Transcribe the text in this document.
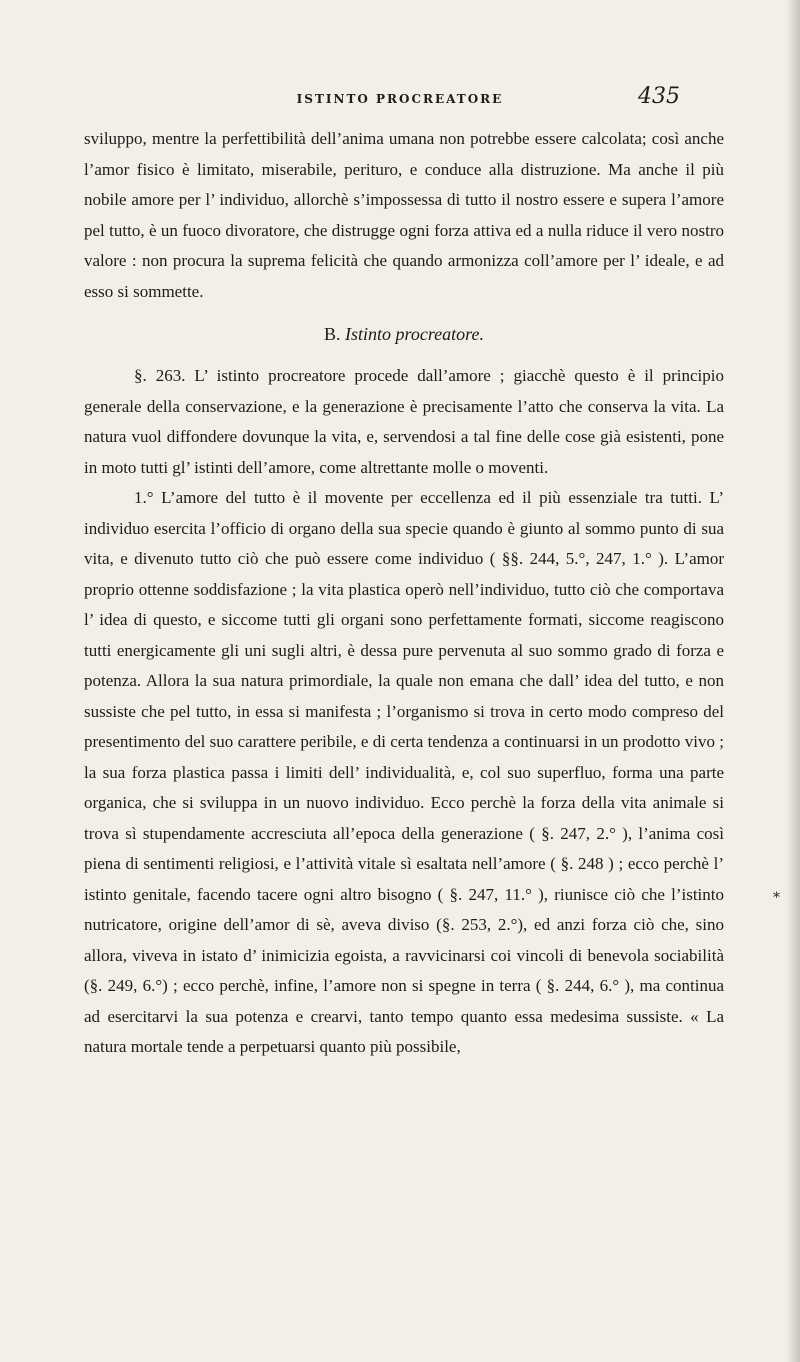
ISTINTO PROCREATORE	435

sviluppo, mentre la perfettibilità dell’anima umana non potrebbe essere calcolata; così anche l’amor fisico è limitato, miserabile, perituro, e conduce alla distruzione. Ma anche il più nobile amore per l’ individuo, allorchè s’impossessa di tutto il nostro essere e supera l’amore pel tutto, è un fuoco divoratore, che distrugge ogni forza attiva ed a nulla riduce il vero nostro valore : non procura la suprema felicità che quando armonizza coll’amore per l’ ideale, e ad esso si sommette.

B. Istinto procreatore.

§. 263. L’ istinto procreatore procede dall’amore ; giacchè questo è il principio generale della conservazione, e la generazione è precisamente l’atto che conserva la vita. La natura vuol diffondere dovunque la vita, e, servendosi a tal fine delle cose già esistenti, pone in moto tutti gl’ istinti dell’amore, come altrettante molle o moventi.

1.° L’amore del tutto è il movente per eccellenza ed il più essenziale tra tutti. L’ individuo esercita l’officio di organo della sua specie quando è giunto al sommo punto di sua vita, e divenuto tutto ciò che può essere come individuo ( §§. 244, 5.°, 247, 1.° ). L’amor proprio ottenne soddisfazione ; la vita plastica operò nell’individuo, tutto ciò che comportava l’ idea di questo, e siccome tutti gli organi sono perfettamente formati, siccome reagiscono tutti energicamente gli uni sugli altri, è dessa pure pervenuta al suo sommo grado di forza e potenza. Allora la sua natura primordiale, la quale non emana che dall’ idea del tutto, e non sussiste che pel tutto, in essa si manifesta ; l’organismo si trova in certo modo compreso del presentimento del suo carattere peribile, e di certa tendenza a continuarsi in un prodotto vivo ; la sua forza plastica passa i limiti dell’ individualità, e, col suo superfluo, forma una parte organica, che si sviluppa in un nuovo individuo. Ecco perchè la forza della vita animale si trova sì stupendamente accresciuta all’epoca della generazione ( §. 247, 2.° ), l’anima così piena di sentimenti religiosi, e l’attività vitale sì esaltata nell’amore ( §. 248 ) ; ecco perchè l’ istinto genitale, facendo tacere ogni altro bisogno ( §. 247, 11.° ), riunisce ciò che l’istinto nutricatore, origine dell’amor di sè, aveva diviso (§. 253, 2.°), ed anzi forza ciò che, sino allora, viveva in istato d’ inimicizia egoista, a ravvicinarsi coi vincoli di benevola sociabilità (§. 249, 6.°) ; ecco perchè, infine, l’amore non si spegne in terra ( §. 244, 6.° ), ma continua ad esercitarvi la sua potenza e crearvi, tanto tempo quanto essa medesima sussiste. « La natura mortale tende a perpetuarsi quanto più possibile,

*
